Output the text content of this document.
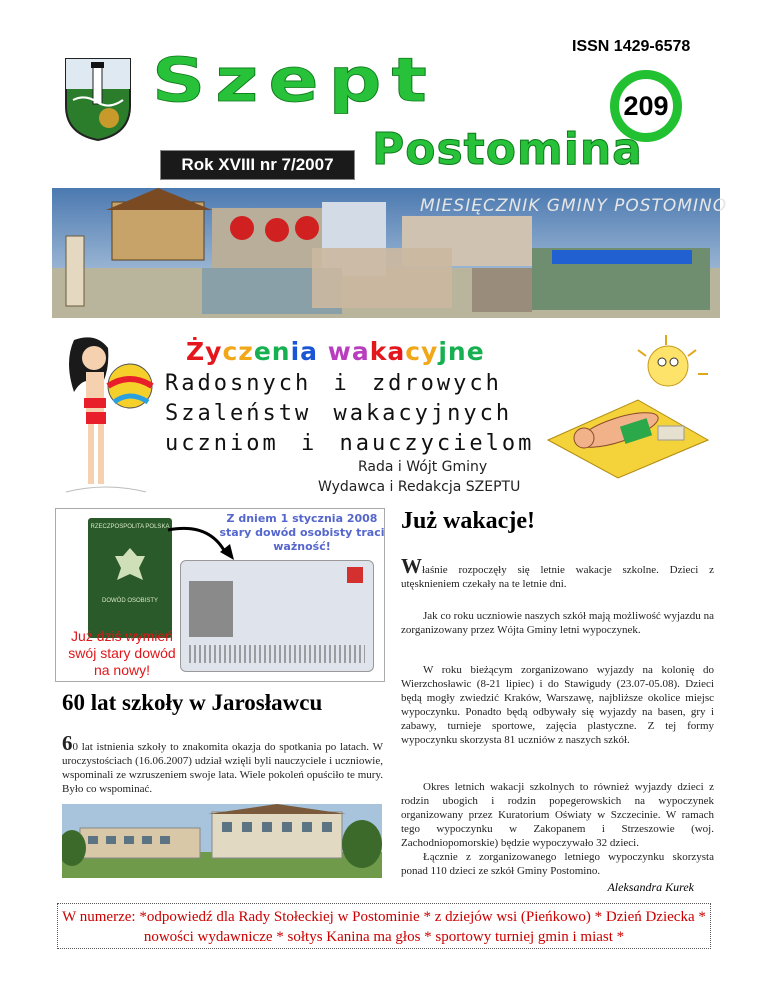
ISSN 1429-6578
Szept	209
Rok XVIII nr 7/2007 Postomina
MIESIĘCZNIK GMINY POSTOMINO
Życzenia wakacyjne
Radosnych i zdrowych
Szaleństw wakacyjnych
uczniom i nauczycielom
Rada i Wójt Gminy
Wydawca i Redakcja SZEPTU
RZECZPOSPOLITA POLSKA
DOWÓD OSOBISTY
Z dniem 1 stycznia 2008 stary dowód osobisty traci ważność!
Już dziś wymień swój stary dowód na nowy!
60 lat szkoły w Jarosławcu
60 lat istnienia szkoły to znakomita okazja do spotkania po latach. W uroczystościach (16.06.2007) udział wzięli byli nauczyciele i uczniowie, wspominali ze wzruszeniem swoje lata. Wiele pokoleń opuściło te mury. Było co wspominać.
Już wakacje!
Właśnie rozpoczęły się letnie wakacje szkolne. Dzieci z utęsknieniem czekały na te letnie dni.
Jak co roku uczniowie naszych szkół mają możliwość wyjazdu na zorganizowany przez Wójta Gminy letni wypoczynek.
W roku bieżącym zorganizowano wyjazdy na kolonię do Wierzchosławic (8-21 lipiec) i do Stawigudy (23.07-05.08). Dzieci będą mogły zwiedzić Kraków, Warszawę, najbliższe okolice miejsc wypoczynku. Ponadto będą odbywały się wyjazdy na basen, gry i zabawy, turnieje sportowe, zajęcia plastyczne. Z tej formy wypoczynku skorzysta 81 uczniów z naszych szkół.
Okres letnich wakacji szkolnych to również wyjazdy dzieci z rodzin ubogich i rodzin popegerowskich na wypoczynek organizowany przez Kuratorium Oświaty w Szczecinie. W ramach tego wypoczynku w Zakopanem i Strzeszowie (woj. Zachodniopomorskie) będzie wypoczywało 32 dzieci.
Łącznie z zorganizowanego letniego wypoczynku skorzysta ponad 110 dzieci ze szkół Gminy Postomino.
Aleksandra Kurek
W numerze: *odpowiedź dla Rady Stołeckiej w Postominie * z dziejów wsi (Pieńkowo) * Dzień Dziecka * nowości wydawnicze * sołtys Kanina ma głos * sportowy turniej gmin i miast *
